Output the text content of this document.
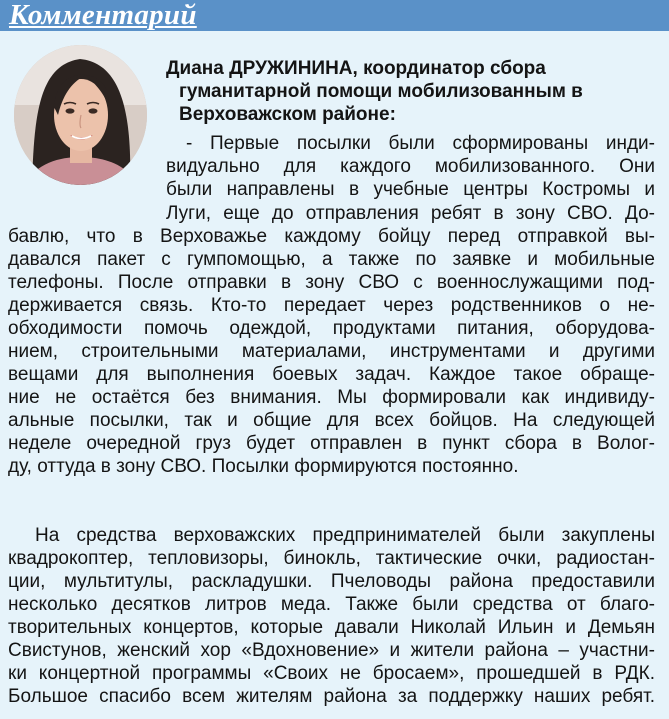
Комментарий
Диана ДРУЖИНИНА, координатор сбора
гуманитарной помощи мобилизованным в
Верховажском районе:
- Первые посылки были сформированы инди-
видуально для каждого мобилизованного. Они
были направлены в учебные центры Костромы и
Луги, еще до отправления ребят в зону СВО. До-
бавлю, что в Верховажье каждому бойцу перед отправкой вы-
давался пакет с гумпомощью, а также по заявке и мобильные
телефоны. После отправки в зону СВО с военнослужащими под-
держивается связь. Кто-то передает через родственников о не-
обходимости помочь одеждой, продуктами питания, оборудова-
нием, строительными материалами, инструментами и другими
вещами для выполнения боевых задач. Каждое такое обраще-
ние не остаётся без внимания. Мы формировали как индивиду-
альные посылки, так и общие для всех бойцов. На следующей
неделе очередной груз будет отправлен в пункт сбора в Волог-
ду, оттуда в зону СВО. Посылки формируются постоянно.
На средства верховажских предпринимателей были закуплены
квадрокоптер, тепловизоры, бинокль, тактические очки, радиостан-
ции, мультитулы, раскладушки. Пчеловоды района предоставили
несколько десятков литров меда. Также были средства от благо-
творительных концертов, которые давали Николай Ильин и Демьян
Свистунов, женский хор «Вдохновение» и жители района – участни-
ки концертной программы «Своих не бросаем», прошедшей в РДК.
Большое спасибо всем жителям района за поддержку наших ребят.
